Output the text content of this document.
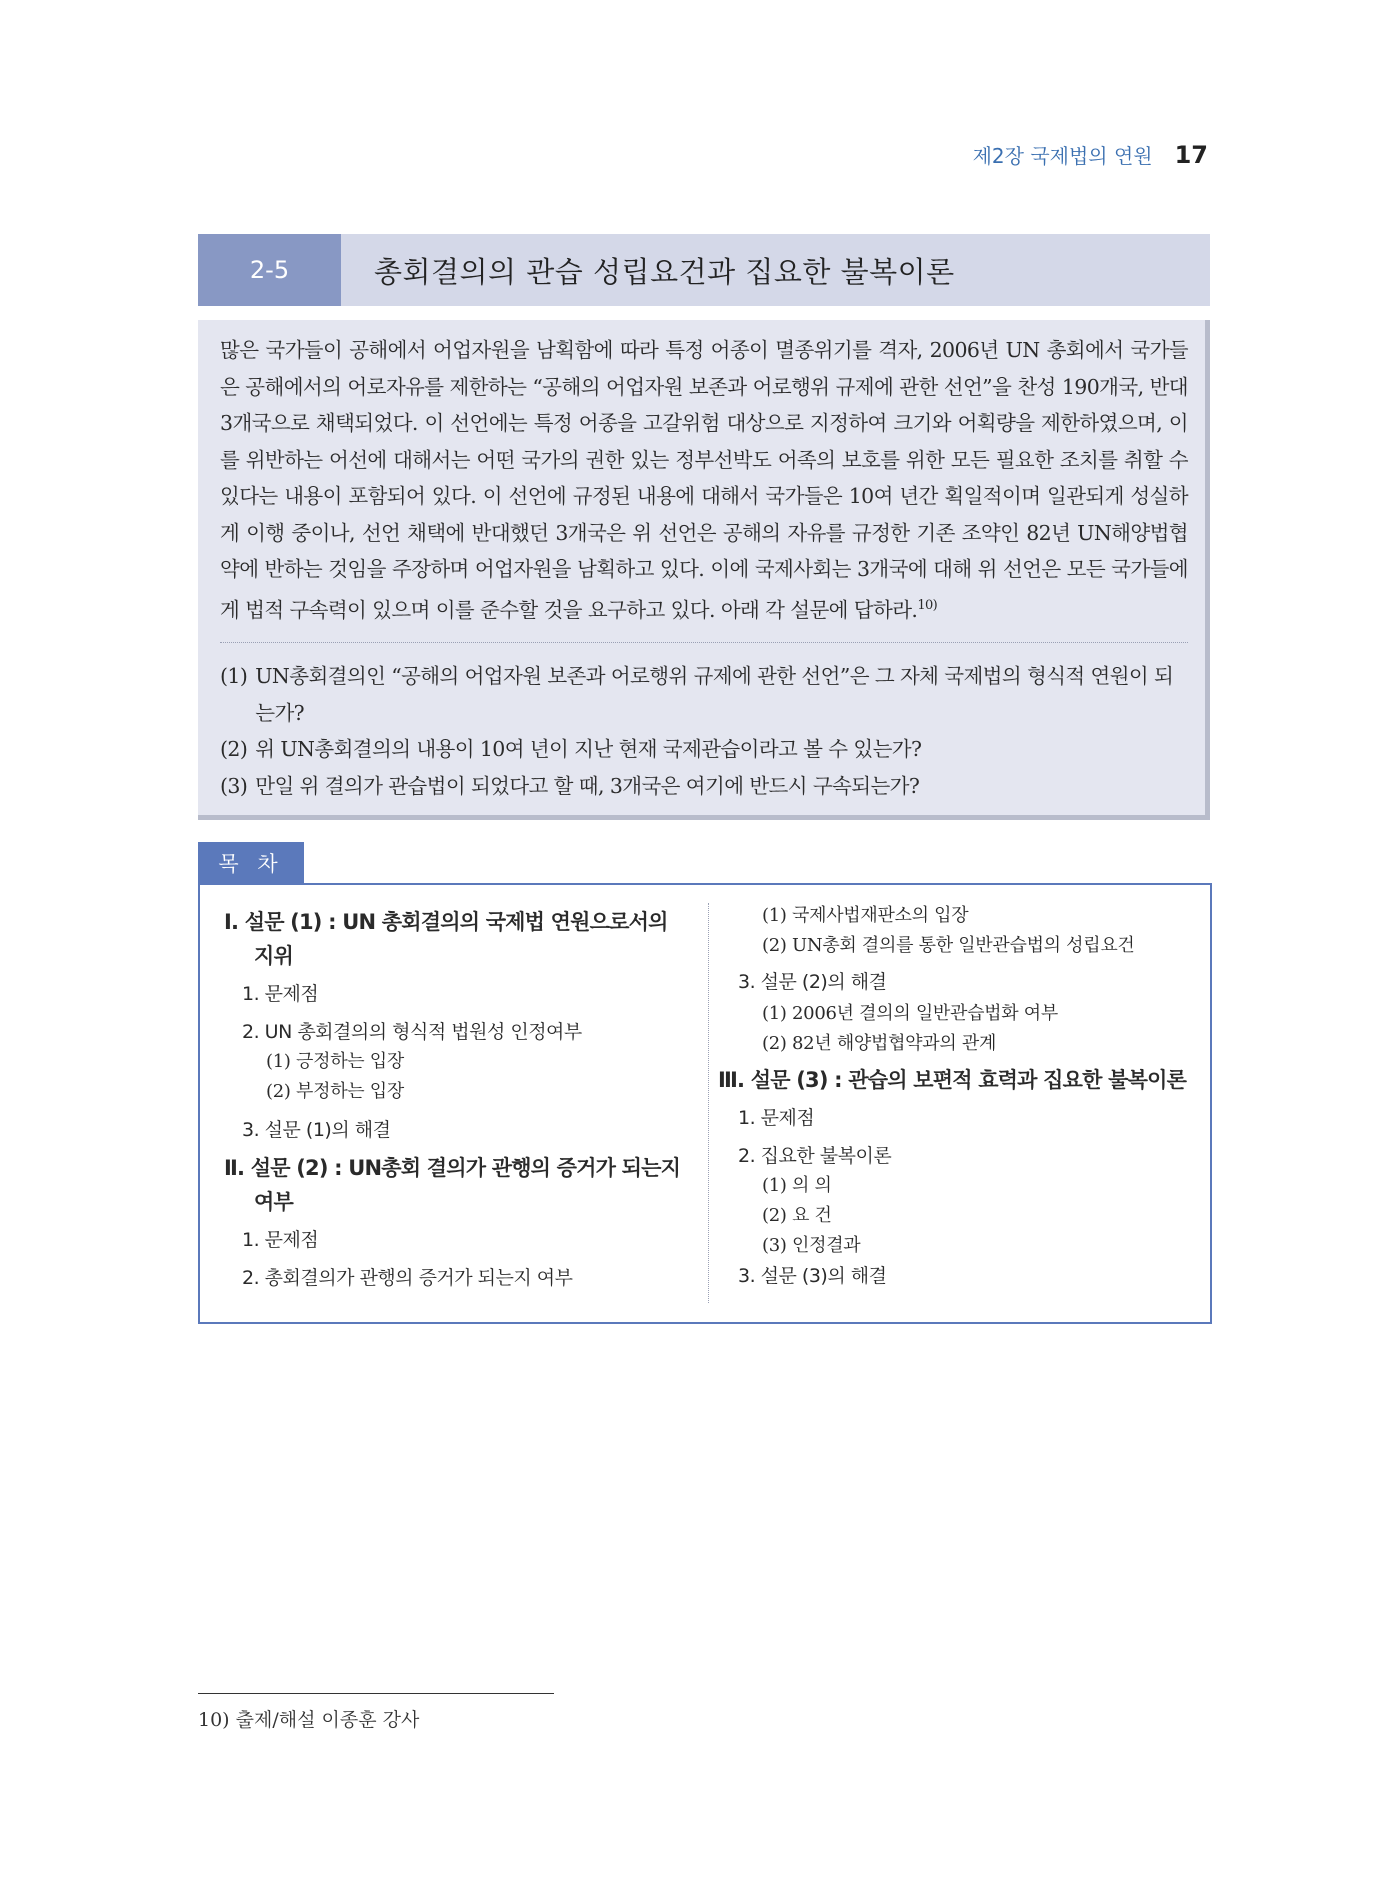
제2장 국제법의 연원 17
2-5	총회결의의 관습 성립요건과 집요한 불복이론
많은 국가들이 공해에서 어업자원을 남획함에 따라 특정 어종이 멸종위기를 격자, 2006년 UN 총회에서 국가들은 공해에서의 어로자유를 제한하는 “공해의 어업자원 보존과 어로행위 규제에 관한 선언”을 찬성 190개국, 반대 3개국으로 채택되었다. 이 선언에는 특정 어종을 고갈위험 대상으로 지정하여 크기와 어획량을 제한하였으며, 이를 위반하는 어선에 대해서는 어떤 국가의 권한 있는 정부선박도 어족의 보호를 위한 모든 필요한 조치를 취할 수 있다는 내용이 포함되어 있다. 이 선언에 규정된 내용에 대해서 국가들은 10여 년간 획일적이며 일관되게 성실하게 이행 중이나, 선언 채택에 반대했던 3개국은 위 선언은 공해의 자유를 규정한 기존 조약인 82년 UN해양법협약에 반하는 것임을 주장하며 어업자원을 남획하고 있다. 이에 국제사회는 3개국에 대해 위 선언은 모든 국가들에게 법적 구속력이 있으며 이를 준수할 것을 요구하고 있다. 아래 각 설문에 답하라.$^{10)}$
(1) UN총회결의인 “공해의 어업자원 보존과 어로행위 규제에 관한 선언”은 그 자체 국제법의 형식적 연원이 되는가?
(2) 위 UN총회결의의 내용이 10여 년이 지난 현재 국제관습이라고 볼 수 있는가?
(3) 만일 위 결의가 관습법이 되었다고 할 때, 3개국은 여기에 반드시 구속되는가?
목 차
Ⅰ. 설문 (1) : UN 총회결의의 국제법 연원으로서의
지위
1. 문제점
2. UN 총회결의의 형식적 법원성 인정여부
(1) 긍정하는 입장
(2) 부정하는 입장
3. 설문 (1)의 해결
Ⅱ. 설문 (2) : UN총회 결의가 관행의 증거가 되는지
여부
1. 문제점
2. 총회결의가 관행의 증거가 되는지 여부
(1) 국제사법재판소의 입장
(2) UN총회 결의를 통한 일반관습법의 성립요건
3. 설문 (2)의 해결
(1) 2006년 결의의 일반관습법화 여부
(2) 82년 해양법협약과의 관계
Ⅲ. 설문 (3) : 관습의 보편적 효력과 집요한 불복이론
1. 문제점
2. 집요한 불복이론
(1) 의 의
(2) 요 건
(3) 인정결과
3. 설문 (3)의 해결
10) 출제/해설 이종훈 강사
